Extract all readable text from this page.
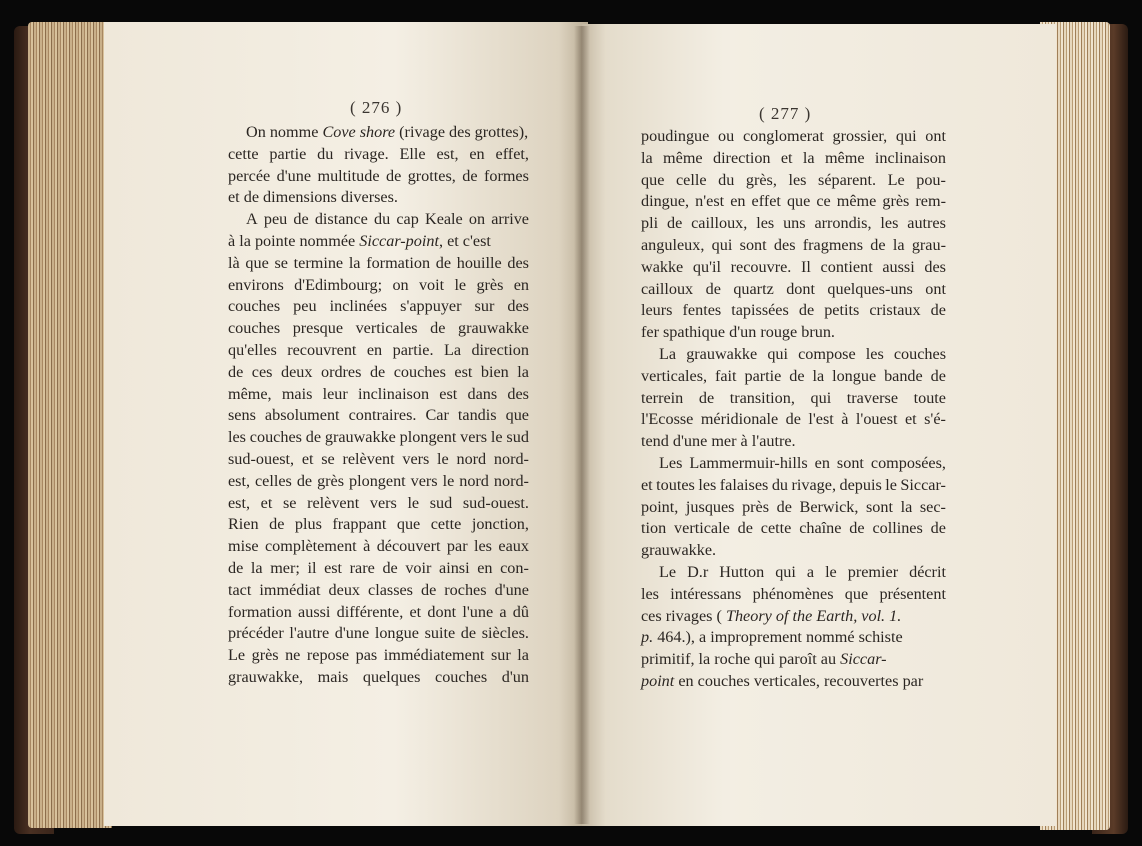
( 276 )	( 277 )
On nomme Cove shore (rivage des grottes),
cette partie du rivage. Elle est, en effet,
percée d'une multitude de grottes, de formes
et de dimensions diverses.
A peu de distance du cap Keale on arrive
à la pointe nommée Siccar-point, et c'est
là que se termine la formation de houille des
environs d'Edimbourg; on voit le grès en
couches peu inclinées s'appuyer sur des
couches presque verticales de grauwakke
qu'elles recouvrent en partie. La direction
de ces deux ordres de couches est bien la
même, mais leur inclinaison est dans des
sens absolument contraires. Car tandis que
les couches de grauwakke plongent vers le sud
sud-ouest, et se relèvent vers le nord nord-
est, celles de grès plongent vers le nord nord-
est, et se relèvent vers le sud sud-ouest.
Rien de plus frappant que cette jonction,
mise complètement à découvert par les eaux
de la mer; il est rare de voir ainsi en con-
tact immédiat deux classes de roches d'une
formation aussi différente, et dont l'une a dû
précéder l'autre d'une longue suite de siècles.
Le grès ne repose pas immédiatement sur la
grauwakke, mais quelques couches d'un
poudingue ou conglomerat grossier, qui ont
la même direction et la même inclinaison
que celle du grès, les séparent. Le pou-
dingue, n'est en effet que ce même grès rem-
pli de cailloux, les uns arrondis, les autres
anguleux, qui sont des fragmens de la grau-
wakke qu'il recouvre. Il contient aussi des
cailloux de quartz dont quelques-uns ont
leurs fentes tapissées de petits cristaux de
fer spathique d'un rouge brun.
La grauwakke qui compose les couches
verticales, fait partie de la longue bande de
terrein de transition, qui traverse toute
l'Ecosse méridionale de l'est à l'ouest et s'é-
tend d'une mer à l'autre.
Les Lammermuir-hills en sont composées,
et toutes les falaises du rivage, depuis le Siccar-
point, jusques près de Berwick, sont la sec-
tion verticale de cette chaîne de collines de
grauwakke.
Le D.r Hutton qui a le premier décrit
les intéressans phénomènes que présentent
ces rivages ( Theory of the Earth, vol. 1.
p. 464.), a improprement nommé schiste
primitif, la roche qui paroît au Siccar-
point en couches verticales, recouvertes par
